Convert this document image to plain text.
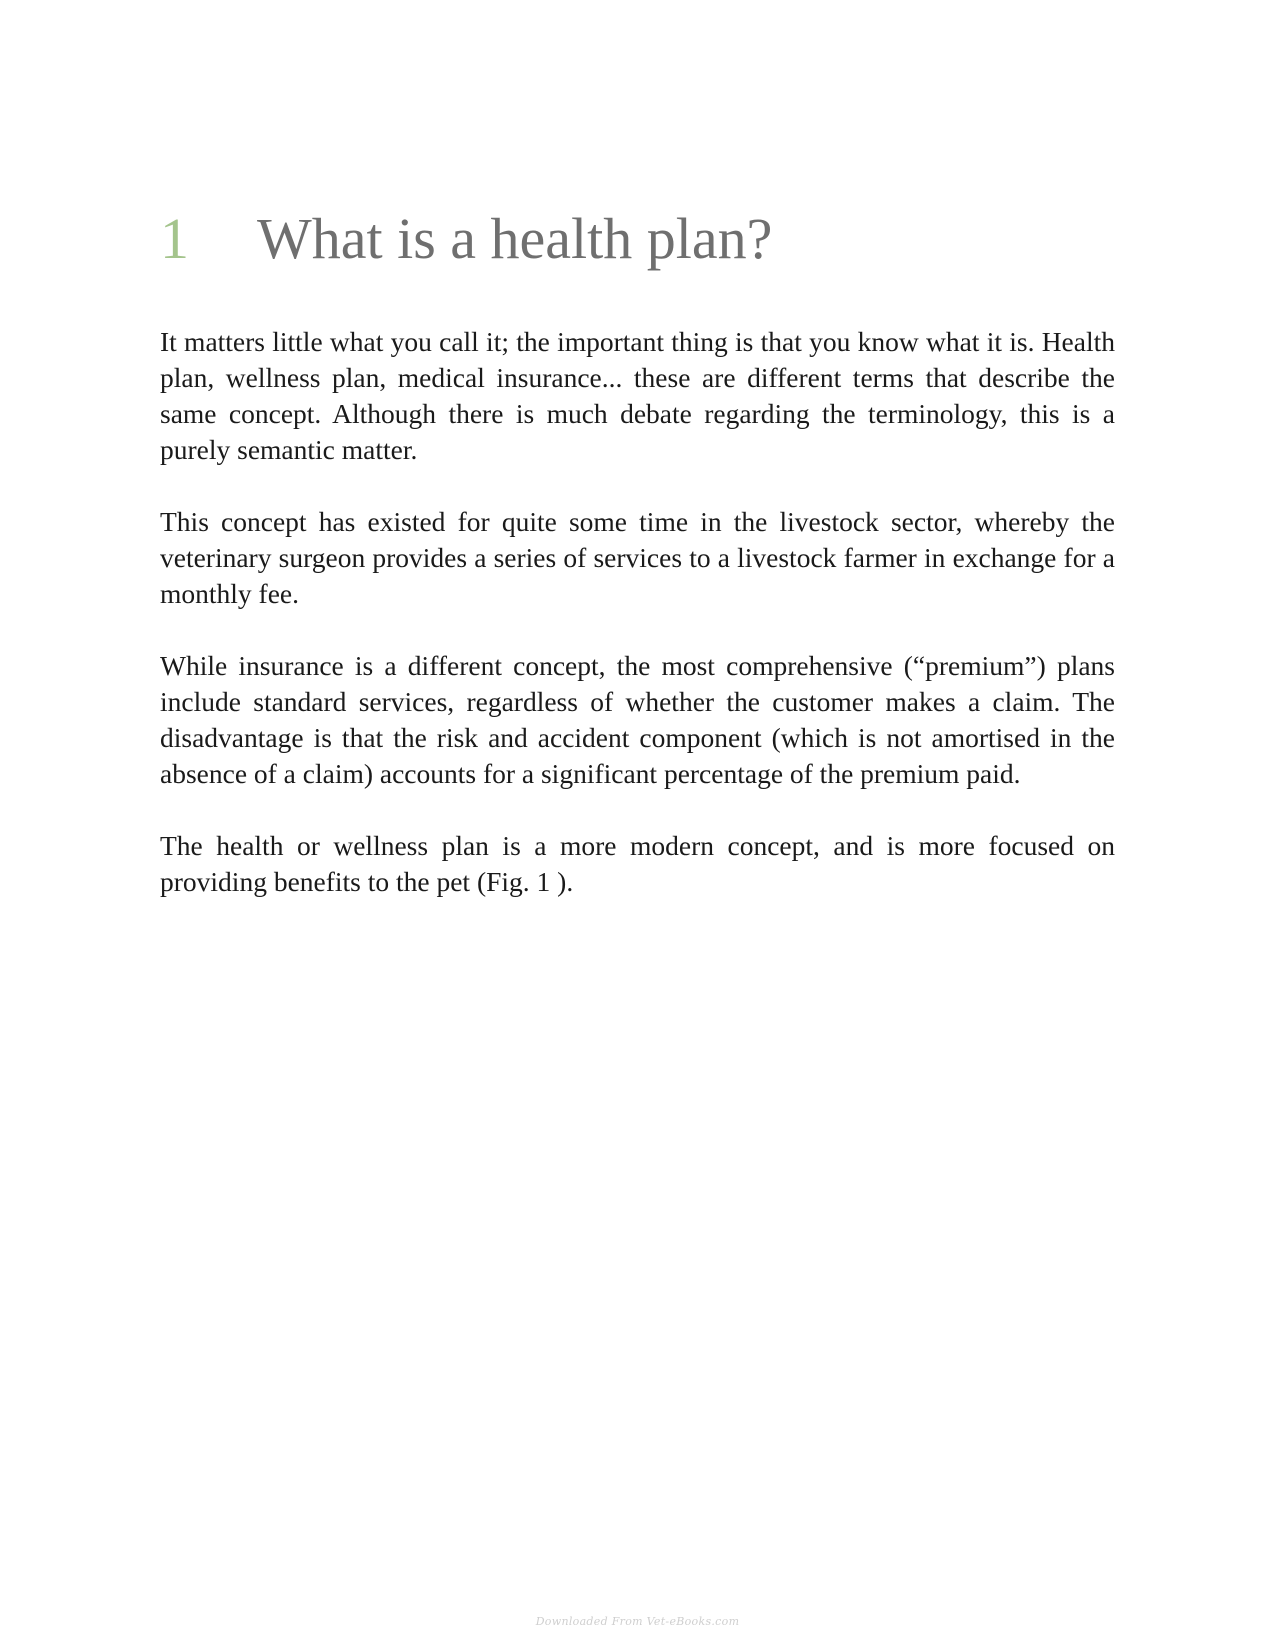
1	What is a health plan?

It matters little what you call it; the important thing is that you know what it is. Health plan, wellness plan, medical insurance... these are different terms that describe the same concept. Although there is much debate regarding the terminology, this is a purely semantic matter.

This concept has existed for quite some time in the livestock sector, whereby the veterinary surgeon provides a series of services to a livestock farmer in exchange for a monthly fee.

While insurance is a different concept, the most comprehensive (“premium”) plans include standard services, regardless of whether the customer makes a claim. The disadvantage is that the risk and accident component (which is not amortised in the absence of a claim) accounts for a significant percentage of the premium paid.

The health or wellness plan is a more modern concept, and is more focused on providing benefits to the pet (Fig. 1 ).

Downloaded From Vet-eBooks.com
